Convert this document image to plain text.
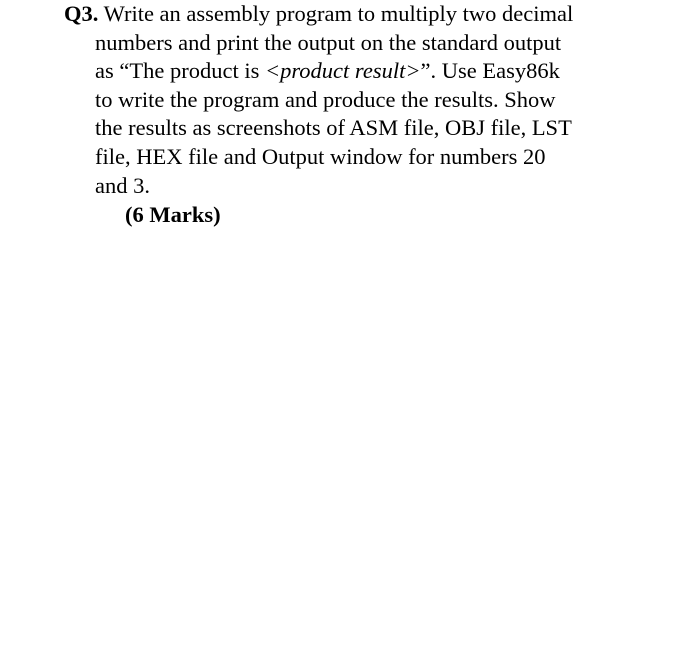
Q3. Write an assembly program to multiply two decimal
numbers and print the output on the standard output
as “The product is <product result>”. Use Easy86k
to write the program and produce the results. Show
the results as screenshots of ASM file, OBJ file, LST
file, HEX file and Output window for numbers 20
and 3.
(6 Marks)
